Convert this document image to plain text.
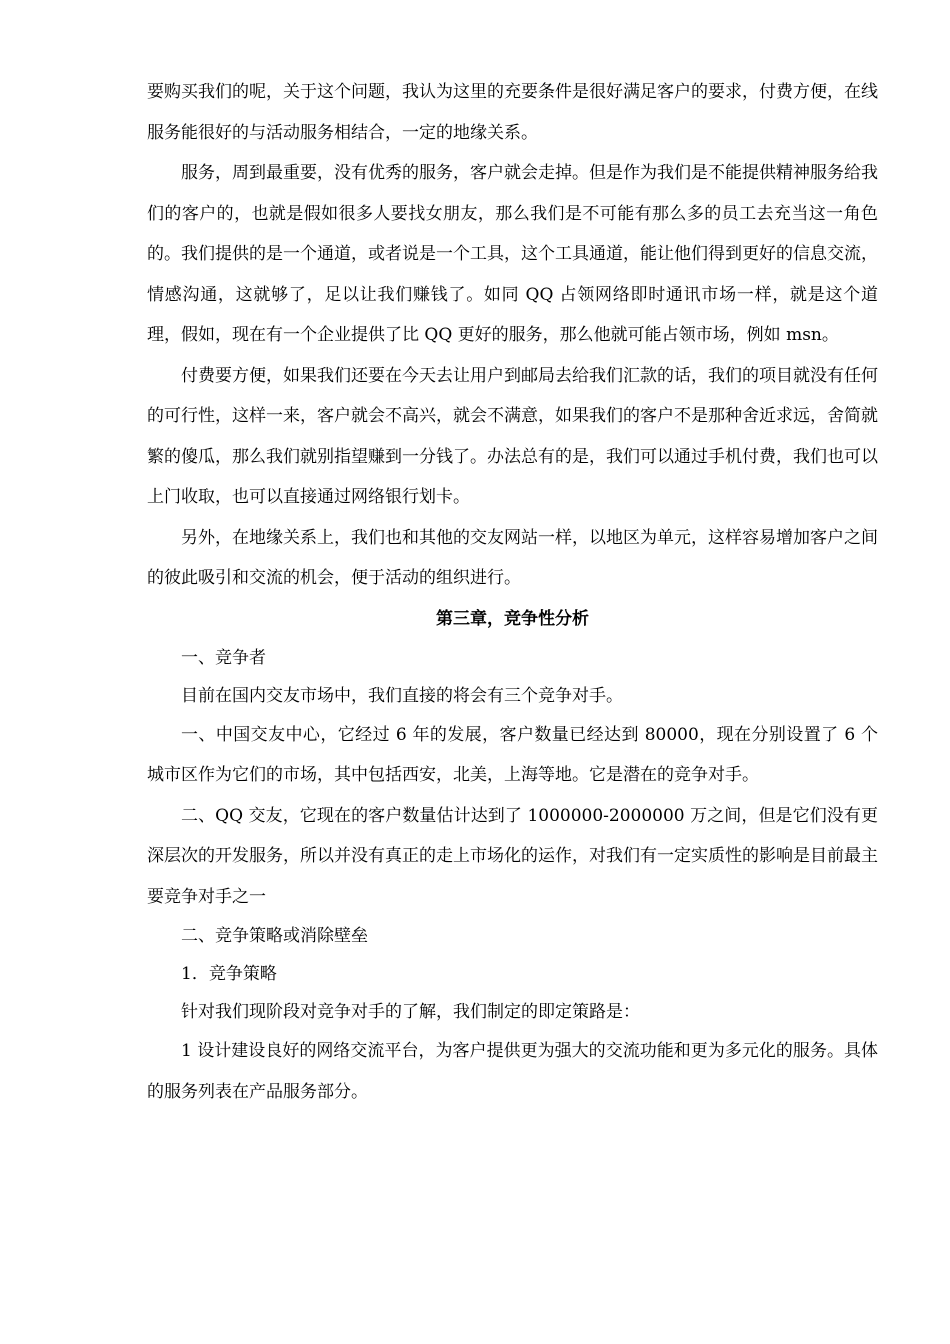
要购买我们的呢，关于这个问题，我认为这里的充要条件是很好满足客户的要求，付费方便，在线服务能很好的与活动服务相结合，一定的地缘关系。

服务，周到最重要，没有优秀的服务，客户就会走掉。但是作为我们是不能提供精神服务给我们的客户的，也就是假如很多人要找女朋友，那么我们是不可能有那么多的员工去充当这一角色的。我们提供的是一个通道，或者说是一个工具，这个工具通道，能让他们得到更好的信息交流，情感沟通，这就够了，足以让我们赚钱了。如同 QQ 占领网络即时通讯市场一样，就是这个道理，假如，现在有一个企业提供了比 QQ 更好的服务，那么他就可能占领市场，例如 msn。

付费要方便，如果我们还要在今天去让用户到邮局去给我们汇款的话，我们的项目就没有任何的可行性，这样一来，客户就会不高兴，就会不满意，如果我们的客户不是那种舍近求远，舍简就繁的傻瓜，那么我们就别指望赚到一分钱了。办法总有的是，我们可以通过手机付费，我们也可以上门收取，也可以直接通过网络银行划卡。

另外，在地缘关系上，我们也和其他的交友网站一样，以地区为单元，这样容易增加客户之间的彼此吸引和交流的机会，便于活动的组织进行。

第三章，竞争性分析

一、竞争者

目前在国内交友市场中，我们直接的将会有三个竞争对手。

一、中国交友中心，它经过 6 年的发展，客户数量已经达到 80000，现在分别设置了 6 个城市区作为它们的市场，其中包括西安，北美，上海等地。它是潜在的竞争对手。

二、QQ 交友，它现在的客户数量估计达到了 1000000-2000000 万之间，但是它们没有更深层次的开发服务，所以并没有真正的走上市场化的运作，对我们有一定实质性的影响是目前最主要竞争对手之一

二、竞争策略或消除壁垒

1．竞争策略

针对我们现阶段对竞争对手的了解，我们制定的即定策路是：

1 设计建设良好的网络交流平台，为客户提供更为强大的交流功能和更为多元化的服务。具体的服务列表在产品服务部分。
